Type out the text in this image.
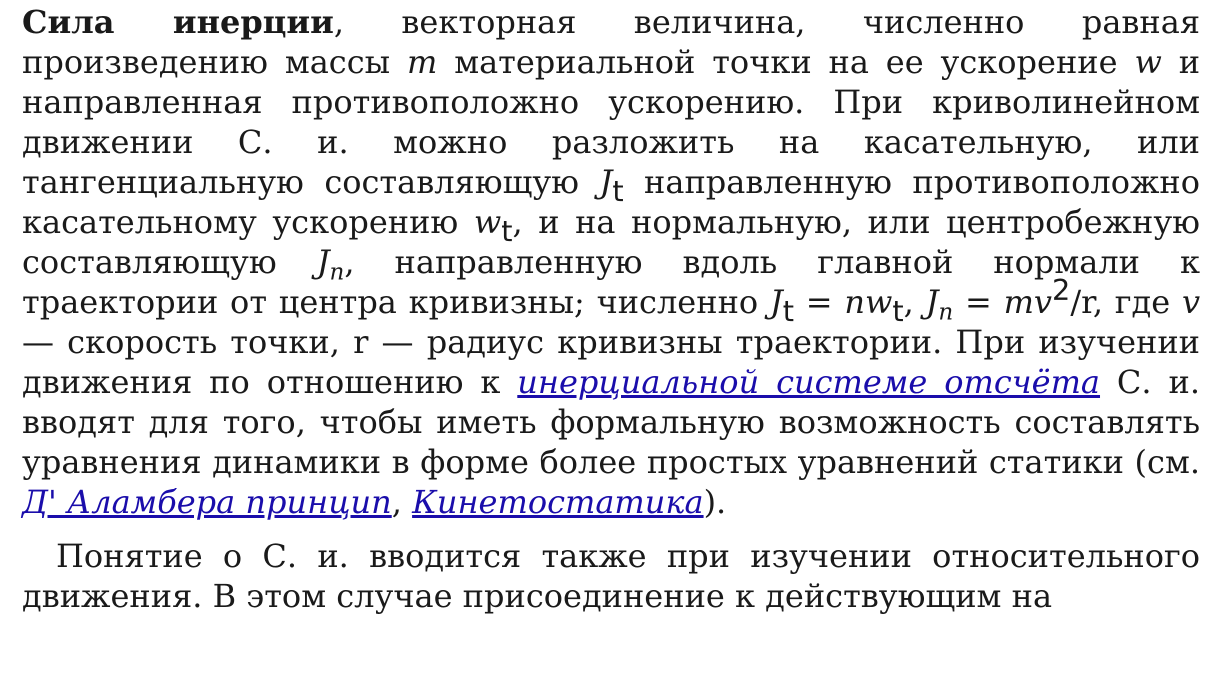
Сила инерции, векторная величина, численно равная произведению массы т материальной точки на ее ускорение w и направленная противоположно ускорению. При криволинейном движении С. и. можно разложить на касательную, или тангенциальную составляющую Jt направленную противоположно касательному ускорению wt, и на нормальную, или центробежную составляющую $J_n$, направленную вдоль главной нормали к траектории от центра кривизны; численно Jt = nwt, $J_n = mv2/r$, где v — скорость точки, r — радиус кривизны траектории. При изучении движения по отношению к инерциальной системе отсчёта С. и. вводят для того, чтобы иметь формальную возможность составлять уравнения динамики в форме более простых уравнений статики (см. Д' Аламбера принцип, Кинетостатика).

Понятие о С. и. вводится также при изучении относительного движения. В этом случае присоединение к действующим на
